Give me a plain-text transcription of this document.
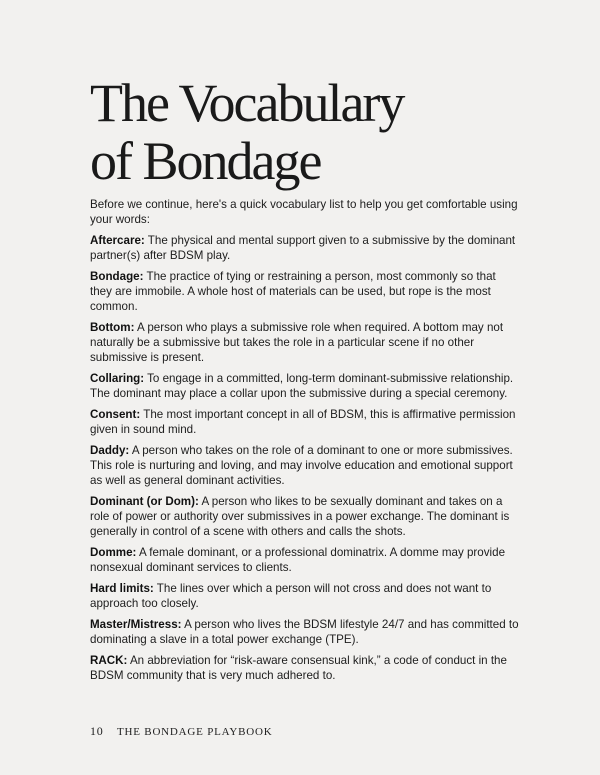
The Vocabulary
of Bondage

Before we continue, here's a quick vocabulary list to help you get comfortable using your words:

Aftercare: The physical and mental support given to a submissive by the dominant partner(s) after BDSM play.

Bondage: The practice of tying or restraining a person, most commonly so that they are immobile. A whole host of materials can be used, but rope is the most common.

Bottom: A person who plays a submissive role when required. A bottom may not naturally be a submissive but takes the role in a particular scene if no other submissive is present.

Collaring: To engage in a committed, long-term dominant-submissive relationship. The dominant may place a collar upon the submissive during a special ceremony.

Consent: The most important concept in all of BDSM, this is affirmative permission given in sound mind.

Daddy: A person who takes on the role of a dominant to one or more submissives. This role is nurturing and loving, and may involve education and emotional support as well as general dominant activities.

Dominant (or Dom): A person who likes to be sexually dominant and takes on a role of power or authority over submissives in a power exchange. The dominant is generally in control of a scene with others and calls the shots.

Domme: A female dominant, or a professional dominatrix. A domme may provide nonsexual dominant services to clients.

Hard limits: The lines over which a person will not cross and does not want to approach too closely.

Master/Mistress: A person who lives the BDSM lifestyle 24/7 and has committed to dominating a slave in a total power exchange (TPE).

RACK: An abbreviation for “risk-aware consensual kink,” a code of conduct in the BDSM community that is very much adhered to.

10 THE BONDAGE PLAYBOOK
